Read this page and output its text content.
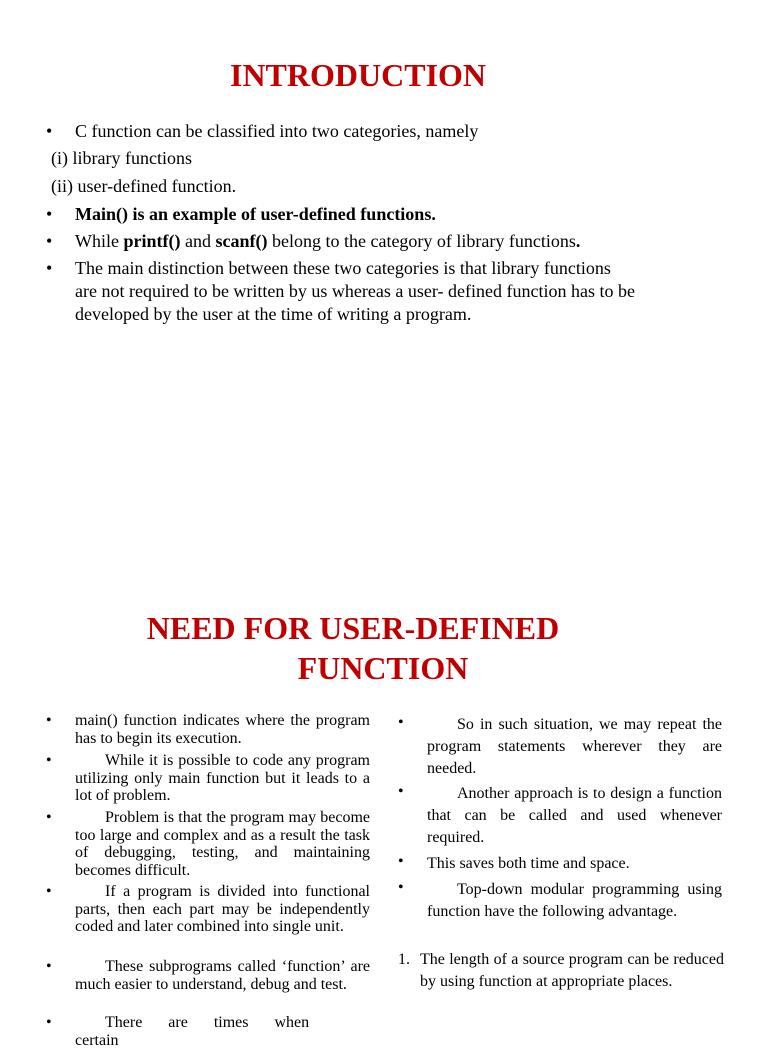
INTRODUCTION
• C function can be classified into two categories, namely
(i) library functions
(ii) user-defined function.
• Main() is an example of user-defined functions.
• While printf() and scanf() belong to the category of library functions.
• The main distinction between these two categories is that library functions
are not required to be written by us whereas a user- defined function has to be
developed by the user at the time of writing a program.
NEED FOR USER-DEFINED
FUNCTION
• main() function indicates where the program has to begin its execution.
•	While it is possible to code any program utilizing only main function but it leads to a lot of problem.
•	Problem is that the program may become too large and complex and as a result the task of debugging, testing, and maintaining becomes difficult.
•	If a program is divided into functional parts, then each part may be independently coded and later combined into single unit.
•	These subprograms called ‘function’ are much easier to understand, debug and test.
•	There are times when certain
•	So in such situation, we may repeat the program statements wherever they are needed.
•	Another approach is to design a function that can be called and used whenever required.
• This saves both time and space.
•	Top-down modular programming using function have the following advantage.
1. The length of a source program can be reduced by using function at appropriate places.
